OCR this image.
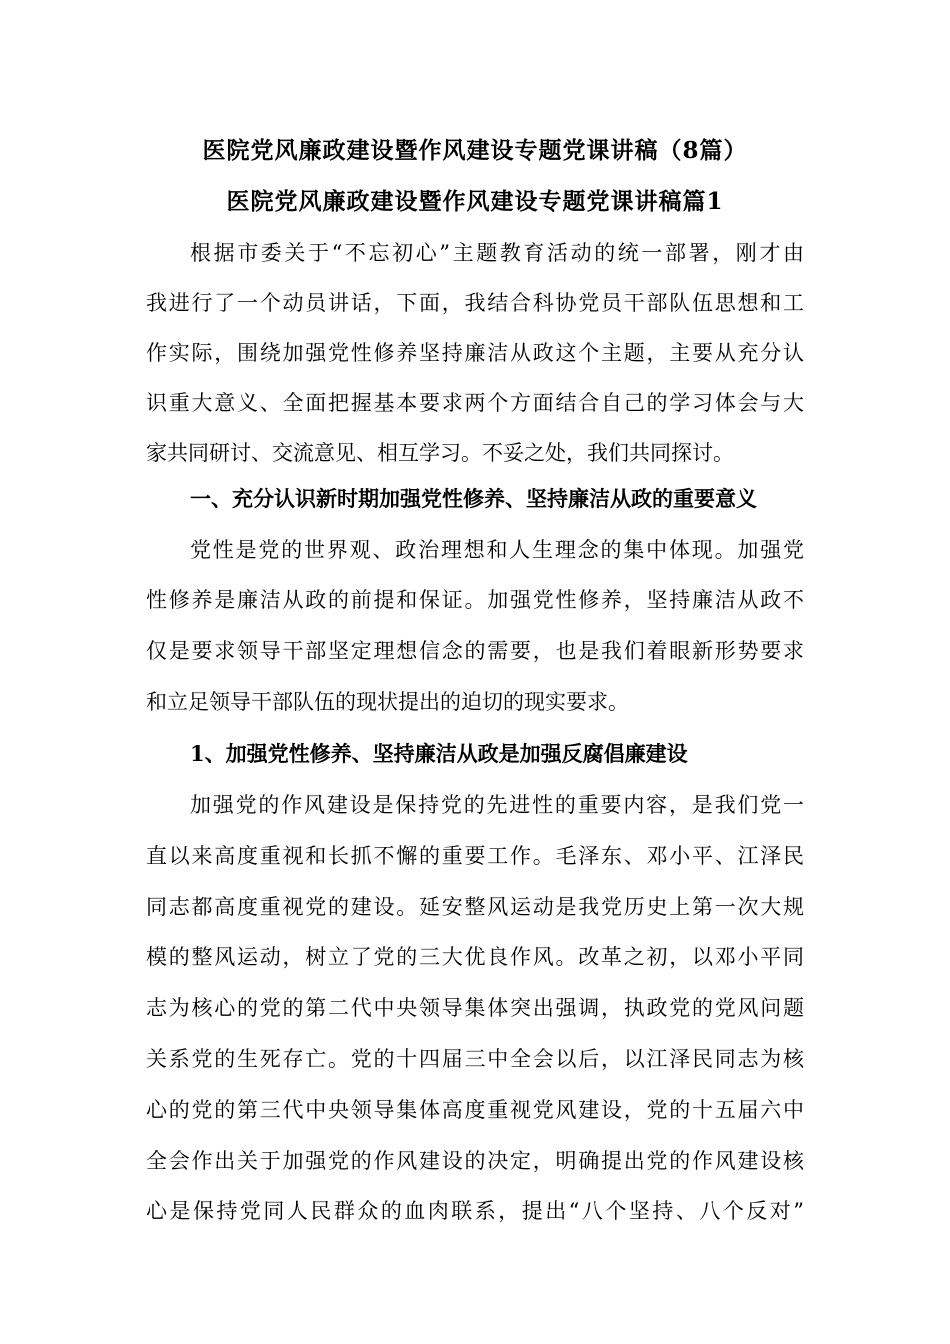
医院党风廉政建设暨作风建设专题党课讲稿（8篇）
医院党风廉政建设暨作风建设专题党课讲稿篇1
根据市委关于“不忘初心”主题教育活动的统一部署，刚才由
我进行了一个动员讲话，下面，我结合科协党员干部队伍思想和工
作实际，围绕加强党性修养坚持廉洁从政这个主题，主要从充分认
识重大意义、全面把握基本要求两个方面结合自己的学习体会与大
家共同研讨、交流意见、相互学习。不妥之处，我们共同探讨。
一、充分认识新时期加强党性修养、坚持廉洁从政的重要意义
党性是党的世界观、政治理想和人生理念的集中体现。加强党
性修养是廉洁从政的前提和保证。加强党性修养，坚持廉洁从政不
仅是要求领导干部坚定理想信念的需要，也是我们着眼新形势要求
和立足领导干部队伍的现状提出的迫切的现实要求。
1、加强党性修养、坚持廉洁从政是加强反腐倡廉建设
加强党的作风建设是保持党的先进性的重要内容，是我们党一
直以来高度重视和长抓不懈的重要工作。毛泽东、邓小平、江泽民
同志都高度重视党的建设。延安整风运动是我党历史上第一次大规
模的整风运动，树立了党的三大优良作风。改革之初，以邓小平同
志为核心的党的第二代中央领导集体突出强调，执政党的党风问题
关系党的生死存亡。党的十四届三中全会以后，以江泽民同志为核
心的党的第三代中央领导集体高度重视党风建设，党的十五届六中
全会作出关于加强党的作风建设的决定，明确提出党的作风建设核
心是保持党同人民群众的血肉联系，提出“八个坚持、八个反对”
